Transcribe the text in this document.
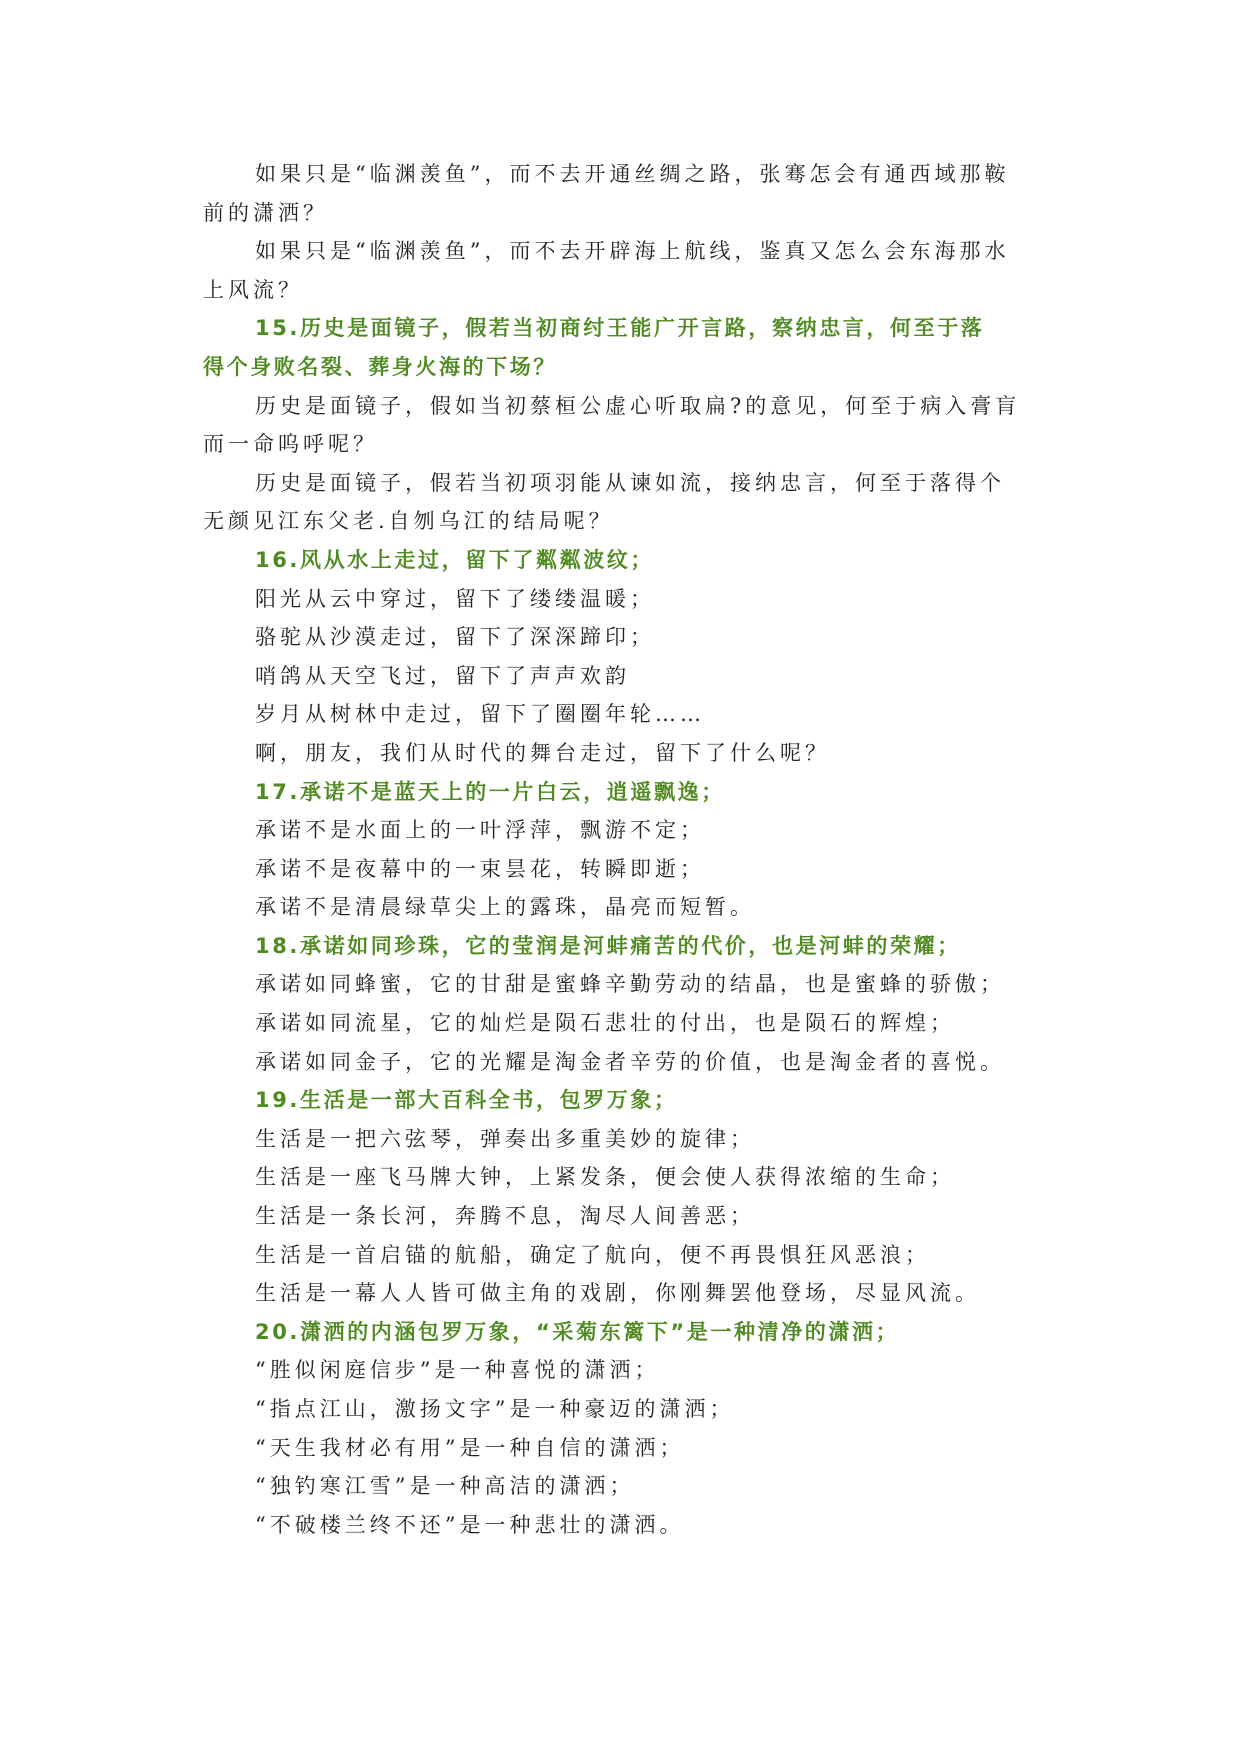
如果只是“临渊羡鱼”，而不去开通丝绸之路，张骞怎会有通西域那鞍
前的潇洒？
如果只是“临渊羡鱼”，而不去开辟海上航线，鉴真又怎么会东海那水
上风流？
15.历史是面镜子，假若当初商纣王能广开言路，察纳忠言，何至于落
得个身败名裂、葬身火海的下场？
历史是面镜子，假如当初蔡桓公虚心听取扁?的意见，何至于病入膏肓
而一命呜呼呢？
历史是面镜子，假若当初项羽能从谏如流，接纳忠言，何至于落得个
无颜见江东父老.自刎乌江的结局呢？
16.风从水上走过，留下了粼粼波纹；
阳光从云中穿过，留下了缕缕温暖；
骆驼从沙漠走过，留下了深深蹄印；
哨鸽从天空飞过，留下了声声欢韵
岁月从树林中走过，留下了圈圈年轮……
啊，朋友，我们从时代的舞台走过，留下了什么呢？
17.承诺不是蓝天上的一片白云，逍遥飘逸；
承诺不是水面上的一叶浮萍，飘游不定；
承诺不是夜幕中的一束昙花，转瞬即逝；
承诺不是清晨绿草尖上的露珠，晶亮而短暂。
18.承诺如同珍珠，它的莹润是河蚌痛苦的代价，也是河蚌的荣耀；
承诺如同蜂蜜，它的甘甜是蜜蜂辛勤劳动的结晶，也是蜜蜂的骄傲；
承诺如同流星，它的灿烂是陨石悲壮的付出，也是陨石的辉煌；
承诺如同金子，它的光耀是淘金者辛劳的价值，也是淘金者的喜悦。
19.生活是一部大百科全书，包罗万象；
生活是一把六弦琴，弹奏出多重美妙的旋律；
生活是一座飞马牌大钟，上紧发条，便会使人获得浓缩的生命；
生活是一条长河，奔腾不息，淘尽人间善恶；
生活是一首启锚的航船，确定了航向，便不再畏惧狂风恶浪；
生活是一幕人人皆可做主角的戏剧，你刚舞罢他登场，尽显风流。
20.潇洒的内涵包罗万象，“采菊东篱下”是一种清净的潇洒；
“胜似闲庭信步”是一种喜悦的潇洒；
“指点江山，激扬文字”是一种豪迈的潇洒；
“天生我材必有用”是一种自信的潇洒；
“独钓寒江雪”是一种高洁的潇洒；
“不破楼兰终不还”是一种悲壮的潇洒。
